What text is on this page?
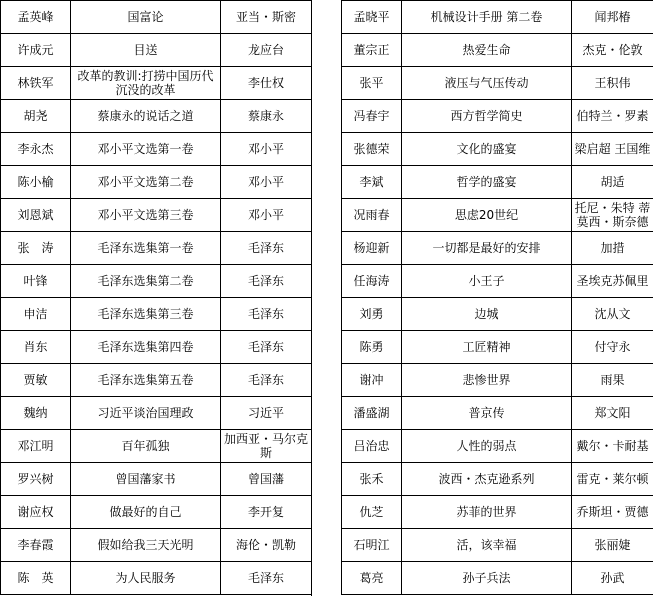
孟英峰	国富论	亚当・斯密
许成元	目送	龙应台
林铁军	改革的教训:打捞中国历代沉没的改革	李仕权
胡尧	蔡康永的说话之道	蔡康永
李永杰	邓小平文选第一卷	邓小平
陈小榆	邓小平文选第二卷	邓小平
刘恩斌	邓小平文选第三卷	邓小平
张　涛	毛泽东选集第一卷	毛泽东
叶锋	毛泽东选集第二卷	毛泽东
申洁	毛泽东选集第三卷	毛泽东
肖东	毛泽东选集第四卷	毛泽东
贾敏	毛泽东选集第五卷	毛泽东
魏纳	习近平谈治国理政	习近平
邓江明	百年孤独	加西亚・马尔克斯
罗兴树	曾国藩家书	曾国藩
谢应权	做最好的自己	李开复
李春霞	假如给我三天光明	海伦・凯勒
陈　英	为人民服务	毛泽东
孟晓平	机械设计手册 第二卷	闻邦椿
董宗正	热爱生命	杰克・伦敦
张平	液压与气压传动	王积伟
冯春宇	西方哲学简史	伯特兰・罗素
张德荣	文化的盛宴	梁启超 王国维
李斌	哲学的盛宴	胡适
况雨春	思虑20世纪	托尼・朱特 蒂莫西・斯奈德
杨迎新	一切都是最好的安排	加措
任海涛	小王子	圣埃克苏佩里
刘勇	边城	沈从文
陈勇	工匠精神	付守永
谢冲	悲惨世界	雨果
潘盛湖	普京传	郑文阳
吕治忠	人性的弱点	戴尔・卡耐基
张禾	波西・杰克逊系列	雷克・莱尔顿
仇芝	苏菲的世界	乔斯坦・贾德
石明江	活，该幸福	张丽婕
葛亮	孙子兵法	孙武
